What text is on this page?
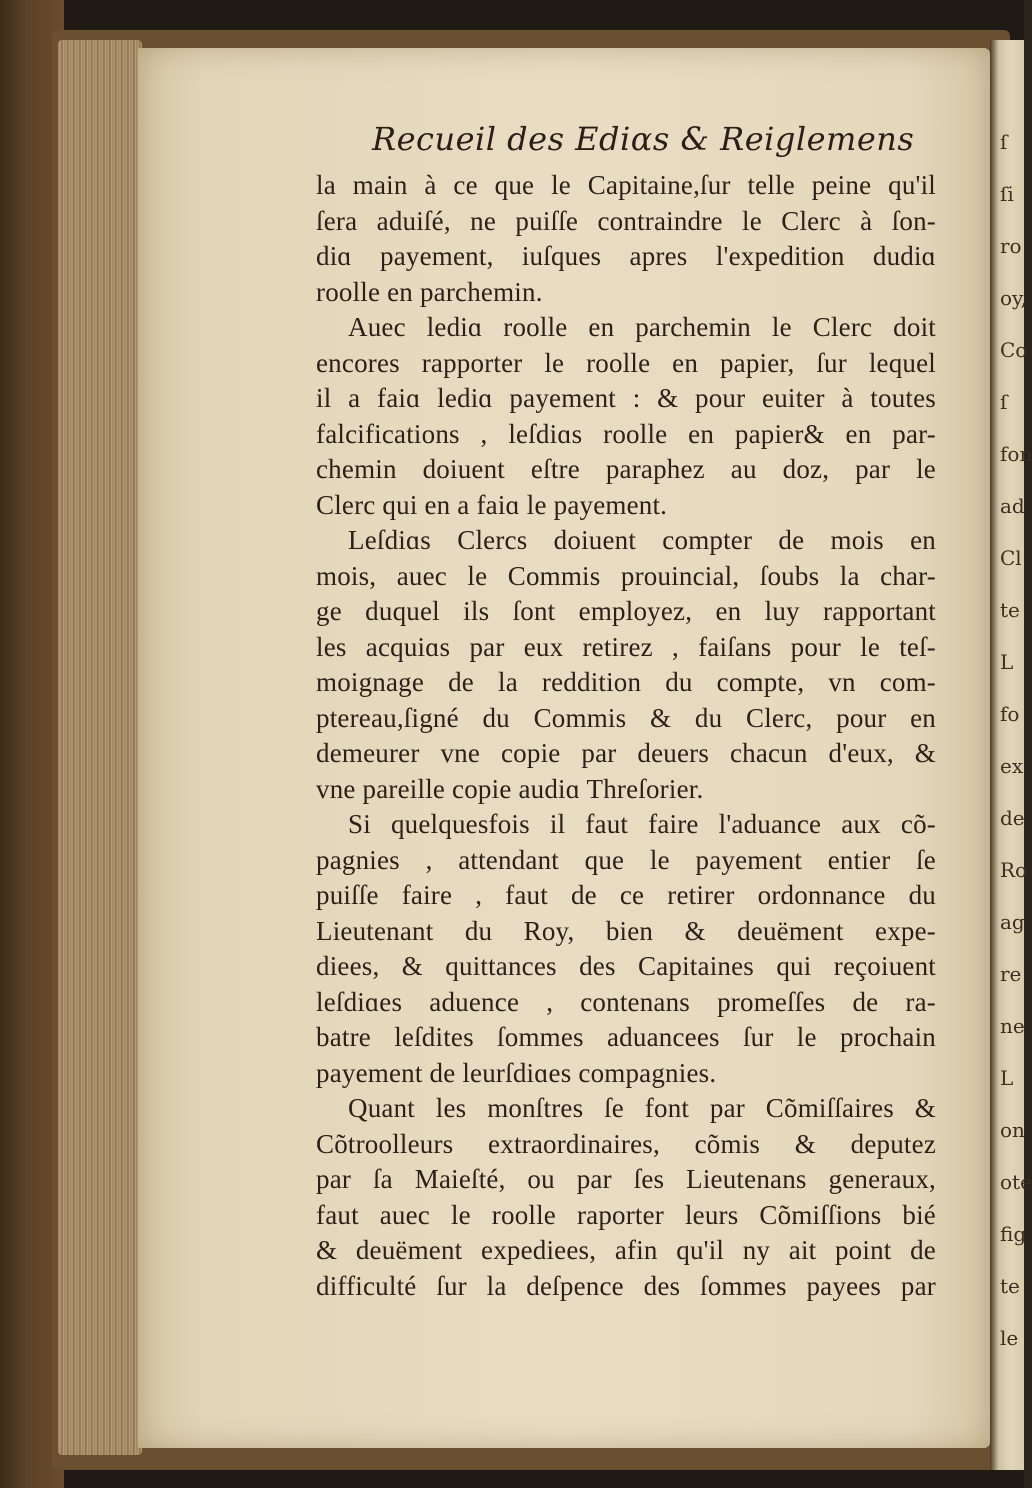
ſ
ſi
ro
oy,
Co
ſ
fon
ad
Cl
te
L
fo
ex
de
Ro
ag
re
ne
L
on
ote
fig
te
le
Recueil des Ediɑs & Reiglemens
la main à ce que le Capitaine,ſur telle peine qu'il
ſera aduiſé, ne puiſſe contraindre le Clerc à ſon-
diɑ payement, iuſques apres l'expedition dudiɑ
roolle en parchemin.
Auec lediɑ roolle en parchemin le Clerc doit
encores rapporter le roolle en papier, ſur lequel
il a faiɑ lediɑ payement : & pour euiter à toutes
falcifications , leſdiɑs roolle en papier& en par-
chemin doiuent eſtre paraphez au doz, par le
Clerc qui en a faiɑ le payement.
Leſdiɑs Clercs doiuent compter de mois en
mois, auec le Commis prouincial, ſoubs la char-
ge duquel ils ſont employez, en luy rapportant
les acquiɑs par eux retirez , faiſans pour le teſ-
moignage de la reddition du compte, vn com-
ptereau,ſigné du Commis & du Clerc, pour en
demeurer vne copie par deuers chacun d'eux, &
vne pareille copie audiɑ Threſorier.
Si quelquesfois il faut faire l'aduance aux cõ-
pagnies , attendant que le payement entier ſe
puiſſe faire , faut de ce retirer ordonnance du
Lieutenant du Roy, bien & deuëment expe-
diees, & quittances des Capitaines qui reçoiuent
leſdiɑes aduence , contenans promeſſes de ra-
batre leſdites ſommes aduancees ſur le prochain
payement de leurſdiɑes compagnies.
Quant les monſtres ſe font par Cõmiſſaires &
Cõtroolleurs extraordinaires, cõmis & deputez
par ſa Maieſté, ou par ſes Lieutenans generaux,
faut auec le roolle raporter leurs Cõmiſſions bié
& deuëment expediees, afin qu'il ny ait point de
difficulté ſur la deſpence des ſommes payees par
